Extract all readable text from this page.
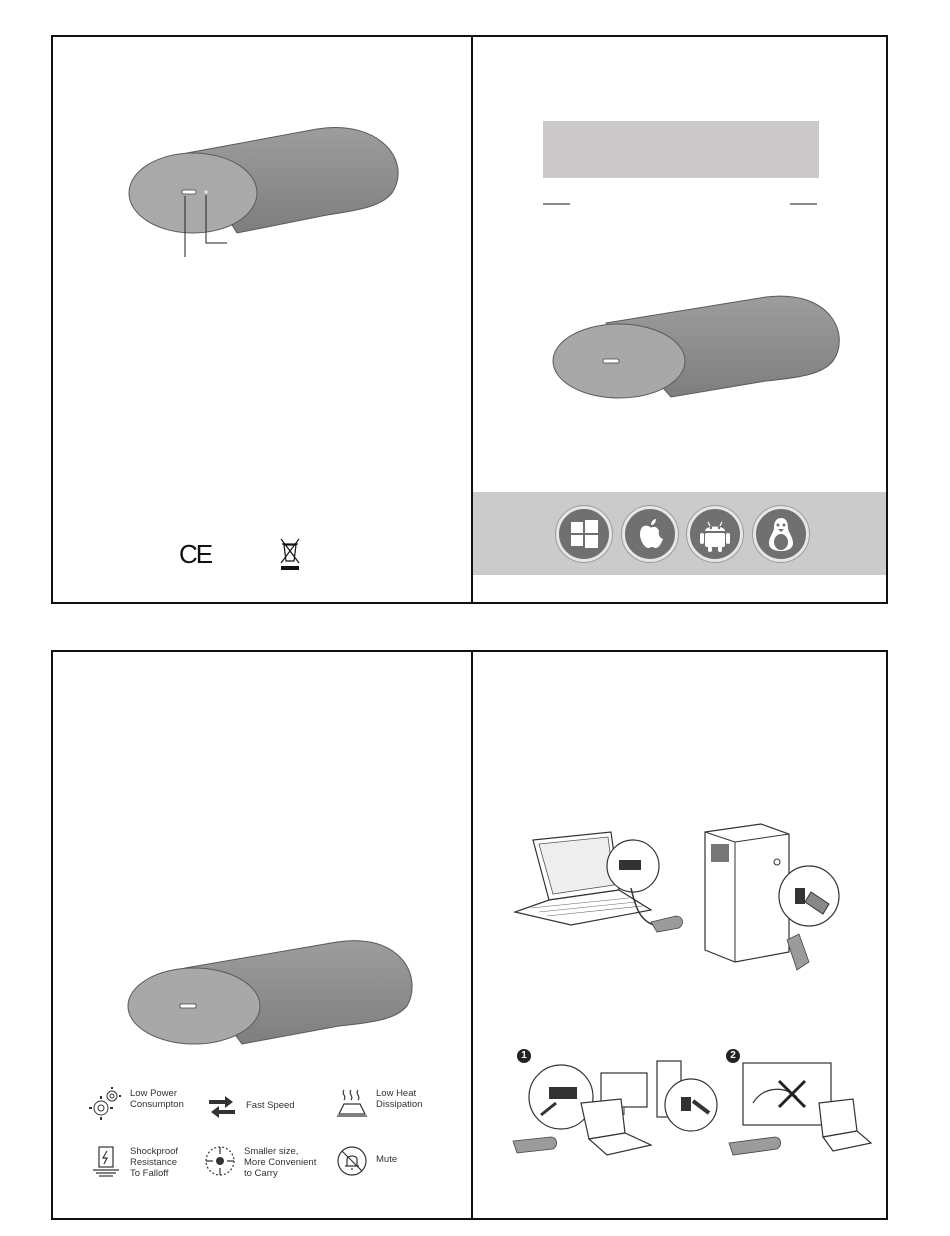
CE
Low Power
Consumpton	Fast Speed
Low Heat
Dissipation
Shockproof
Resistance
To Falloff
Smaller size,
More Convenient
to Carry
Mute
1	2
